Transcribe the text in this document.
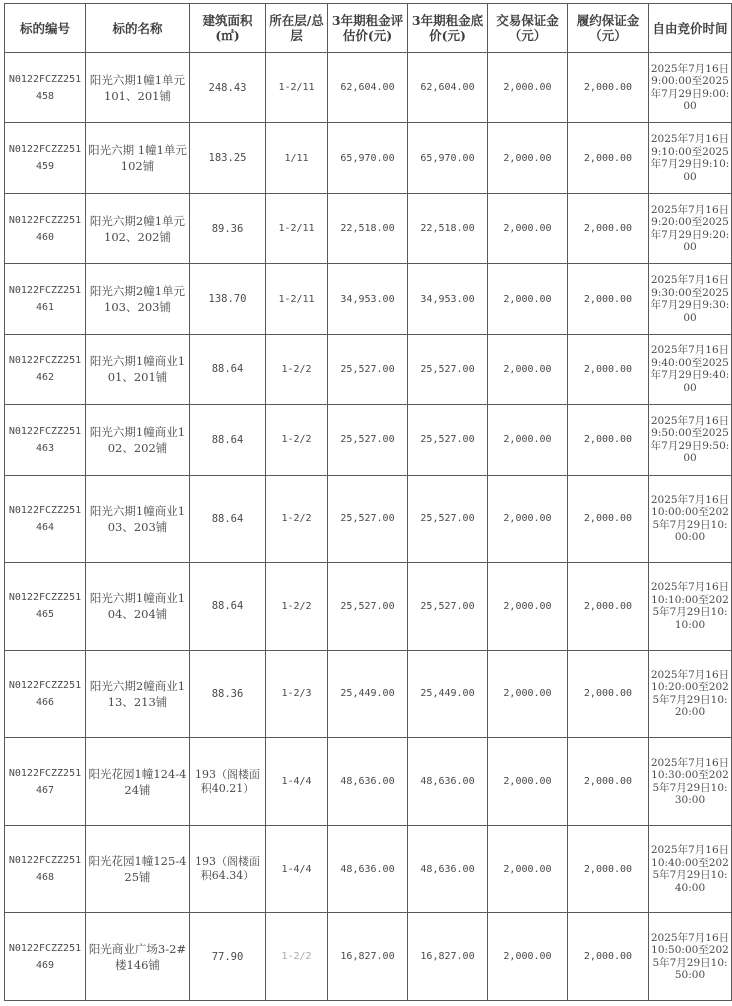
标的编号	标的名称	建筑面积(㎡)	所在层/总层	3年期租金评估价(元)	3年期租金底价(元)	交易保证金（元）	履约保证金（元）	自由竞价时间
N0122FCZZ251458	阳光六期1幢1单元101、201铺	248.43	1-2/11	62,604.00	62,604.00	2,000.00	2,000.00	2025年7月16日9:00:00至2025年7月29日9:00:00
N0122FCZZ251459	阳光六期 1幢1单元102铺	183.25	1/11	65,970.00	65,970.00	2,000.00	2,000.00	2025年7月16日9:10:00至2025年7月29日9:10:00
N0122FCZZ251460	阳光六期2幢1单元102、202铺	89.36	1-2/11	22,518.00	22,518.00	2,000.00	2,000.00	2025年7月16日9:20:00至2025年7月29日9:20:00
N0122FCZZ251461	阳光六期2幢1单元103、203铺	138.70	1-2/11	34,953.00	34,953.00	2,000.00	2,000.00	2025年7月16日9:30:00至2025年7月29日9:30:00
N0122FCZZ251462	阳光六期1幢商业101、201铺	88.64	1-2/2	25,527.00	25,527.00	2,000.00	2,000.00	2025年7月16日9:40:00至2025年7月29日9:40:00
N0122FCZZ251463	阳光六期1幢商业102、202铺	88.64	1-2/2	25,527.00	25,527.00	2,000.00	2,000.00	2025年7月16日9:50:00至2025年7月29日9:50:00
N0122FCZZ251464	阳光六期1幢商业103、203铺	88.64	1-2/2	25,527.00	25,527.00	2,000.00	2,000.00	2025年7月16日10:00:00至2025年7月29日10:00:00
N0122FCZZ251465	阳光六期1幢商业104、204铺	88.64	1-2/2	25,527.00	25,527.00	2,000.00	2,000.00	2025年7月16日10:10:00至2025年7月29日10:10:00
N0122FCZZ251466	阳光六期2幢商业113、213铺	88.36	1-2/3	25,449.00	25,449.00	2,000.00	2,000.00	2025年7月16日10:20:00至2025年7月29日10:20:00
N0122FCZZ251467	阳光花园1幢124-424铺	193（阁楼面积40.21）	1-4/4	48,636.00	48,636.00	2,000.00	2,000.00	2025年7月16日10:30:00至2025年7月29日10:30:00
N0122FCZZ251468	阳光花园1幢125-425铺	193（阁楼面积64.34）	1-4/4	48,636.00	48,636.00	2,000.00	2,000.00	2025年7月16日10:40:00至2025年7月29日10:40:00
N0122FCZZ251469	阳光商业广场3-2#楼146铺	77.90	1-2/2	16,827.00	16,827.00	2,000.00	2,000.00	2025年7月16日10:50:00至2025年7月29日10:50:00
